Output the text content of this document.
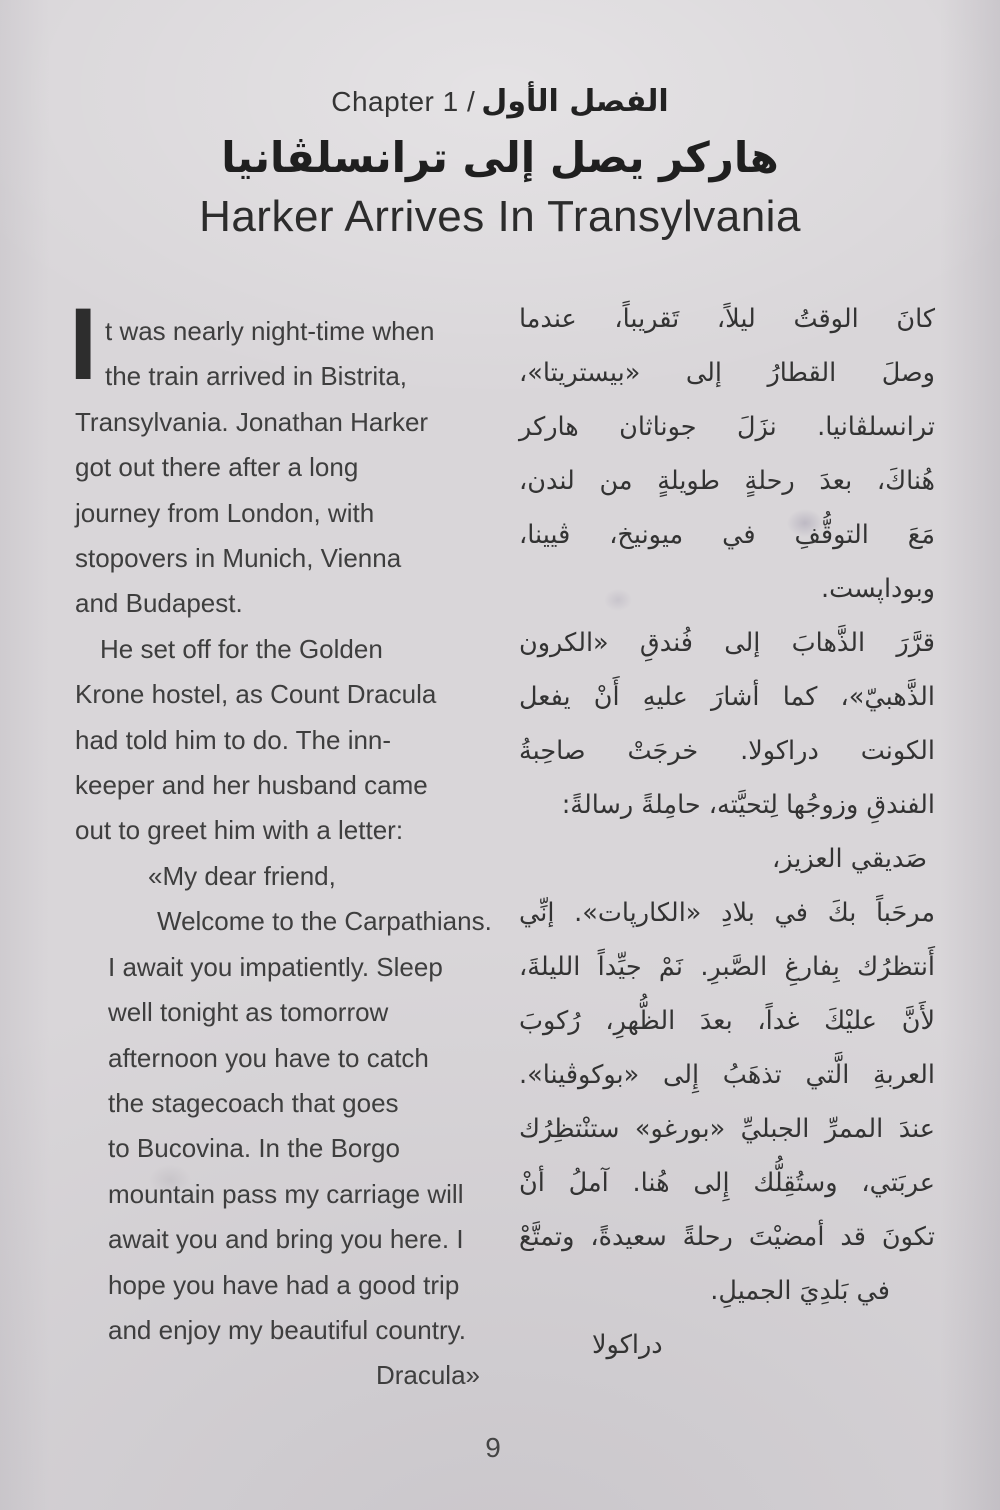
Chapter 1 / الفصل الأول
هاركر يصل إلى ترانسلڤانيا
Harker Arrives In Transylvania
I t was nearly night-time when
the train arrived in Bistrita,
Transylvania. Jonathan Harker
got out there after a long
journey from London, with
stopovers in Munich, Vienna
and Budapest.
He set off for the Golden
Krone hostel, as Count Dracula
had told him to do. The inn-
keeper and her husband came
out to greet him with a letter:
«My dear friend,
Welcome to the Carpathians.
I await you impatiently. Sleep
well tonight as tomorrow
afternoon you have to catch
the stagecoach that goes
to Bucovina. In the Borgo
mountain pass my carriage will
await you and bring you here. I
hope you have had a good trip
and enjoy my beautiful country.
Dracula»
كانَ الوقتُ ليلاً، تَقريباً، عندما
وصلَ القطارُ إلى «بيستريتا»،
ترانسلڤانيا. نزَلَ جوناثان هاركر
هُناكَ، بعدَ رحلةٍ طويلةٍ من لندن،
مَعَ التوقُّفِ في ميونيخ، ڤيينا،
وبوداپست.
قرَّرَ الذَّهابَ إلى فُندقِ «الكرون
الذَّهبيّ»، كما أشارَ عليهِ أَنْ يفعل
الكونت دراكولا. خرجَتْ صاحِبةُ
الفندقِ وزوجُها لِتحيَّته، حامِلةً رسالةً:
صَديقي العزيز،
مرحَباً بكَ في بلادِ «الكارپات». إنِّي
أَنتظرُك بِفارغِ الصَّبرِ. نَمْ جيِّداً الليلةَ،
لأَنَّ عليْكَ غداً، بعدَ الظُّهرِ، رُكوبَ
العربةِ الَّتي تذهَبُ إِلى «بوكوڤينا».
عندَ الممرِّ الجبليِّ «بورغو» ستنْتظِرُك
عربَتي، وستُقِلُّك إِلى هُنا. آملُ أنْ
تكونَ قد أمضيْتَ رحلةً سعيدةً، وتمتَّعْ
في بَلدِيَ الجميلِ.
دراكولا
9
